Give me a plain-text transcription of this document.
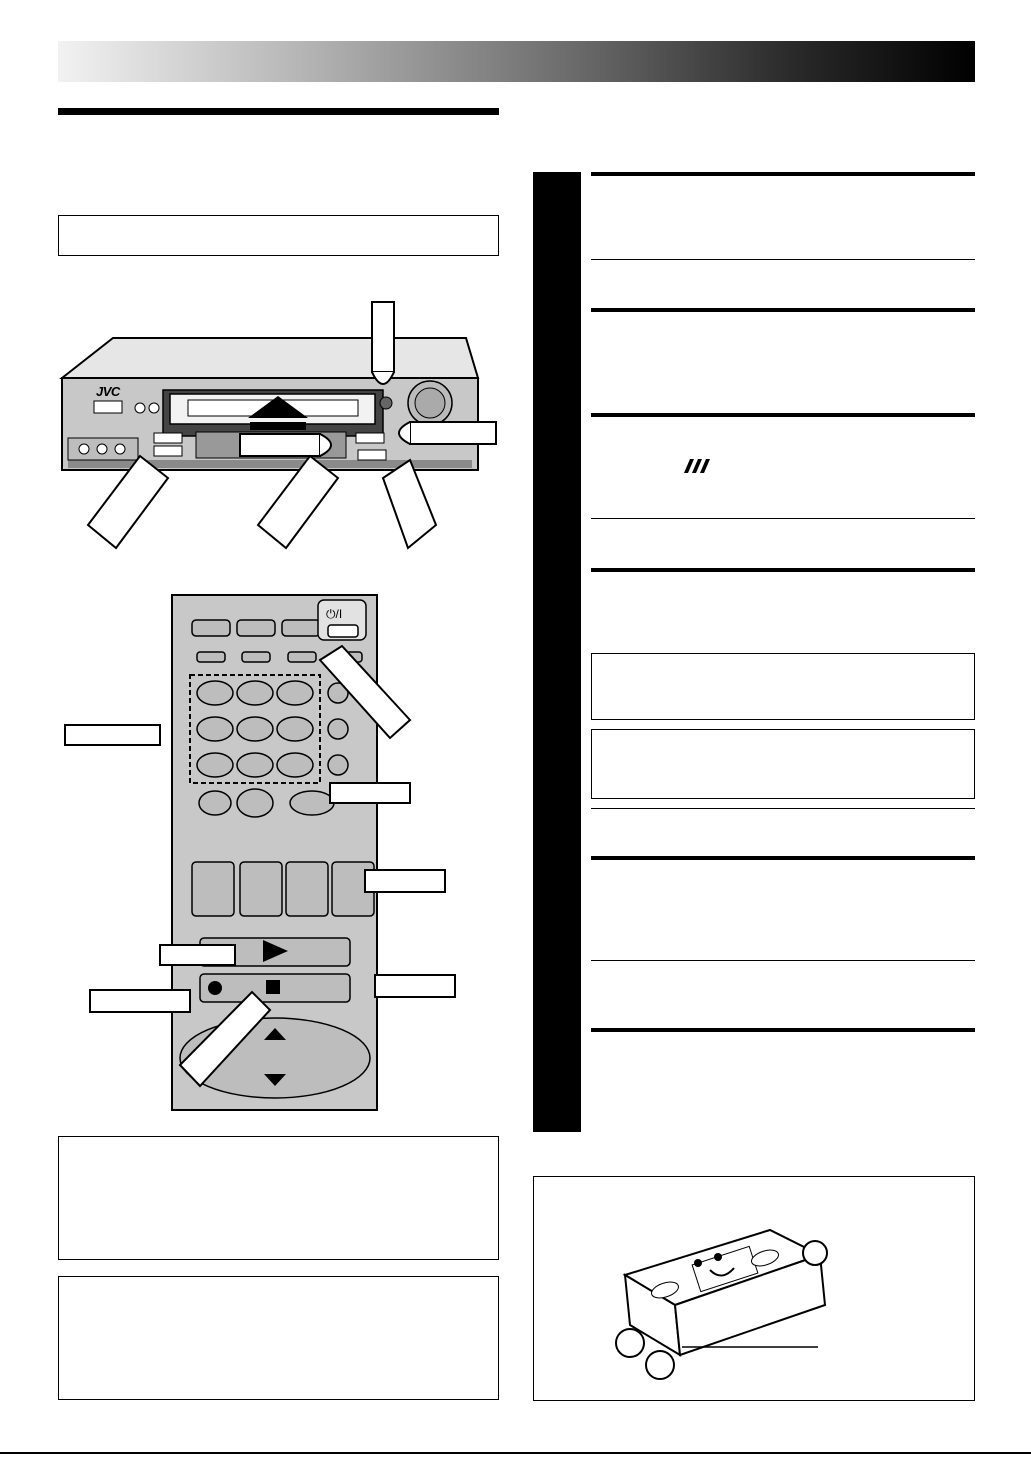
JVC
⏻/I
